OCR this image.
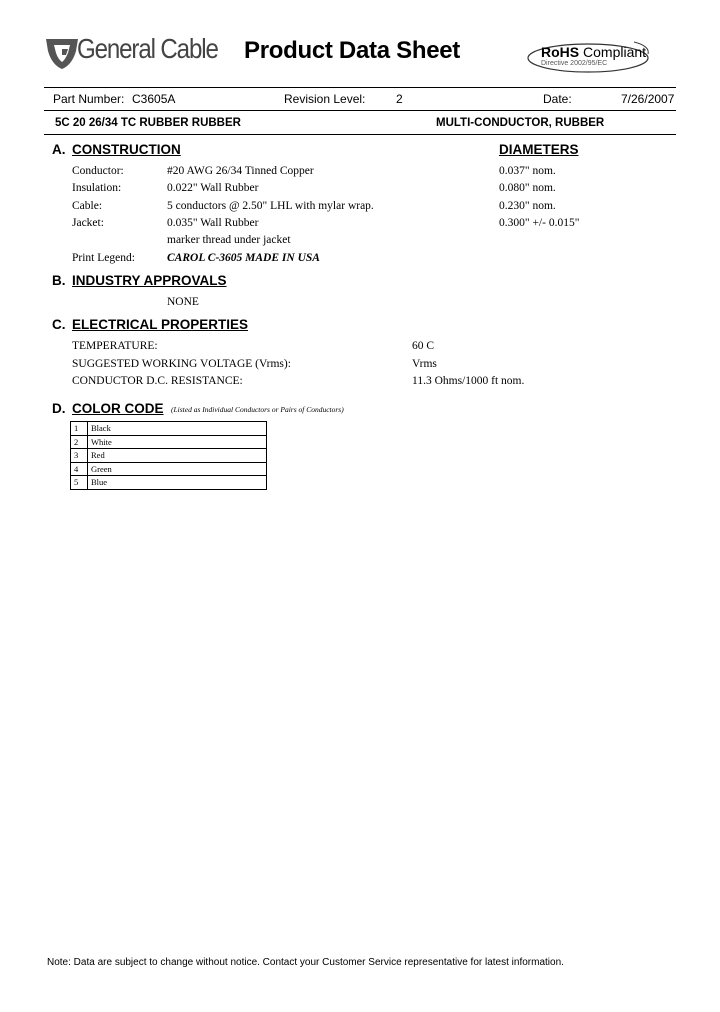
General Cable Product Data Sheet	RoHS Compliant
Directive 2002/95/EC
Part Number: C3605A	Revision Level:	2	Date:	7/26/2007
5C 20 26/34 TC RUBBER RUBBER	MULTI-CONDUCTOR, RUBBER
A. CONSTRUCTION	DIAMETERS
Conductor:	#20 AWG 26/34 Tinned Copper	0.037" nom.
Insulation:	0.022" Wall Rubber	0.080" nom.
Cable:	5 conductors @ 2.50" LHL with mylar wrap.	0.230" nom.
Jacket:	0.035" Wall Rubber	0.300" +/- 0.015"
marker thread under jacket
Print Legend:	CAROL C-3605 MADE IN USA
B. INDUSTRY APPROVALS
NONE
C. ELECTRICAL PROPERTIES
TEMPERATURE:	60 C
SUGGESTED WORKING VOLTAGE (Vrms):	Vrms
CONDUCTOR D.C. RESISTANCE:	11.3 Ohms/1000 ft nom.
D. COLOR CODE (Listed as Individual Conductors or Pairs of Conductors)
1	Black
2	White
3	Red
4	Green
5	Blue
Note: Data are subject to change without notice. Contact your Customer Service representative for latest information.
